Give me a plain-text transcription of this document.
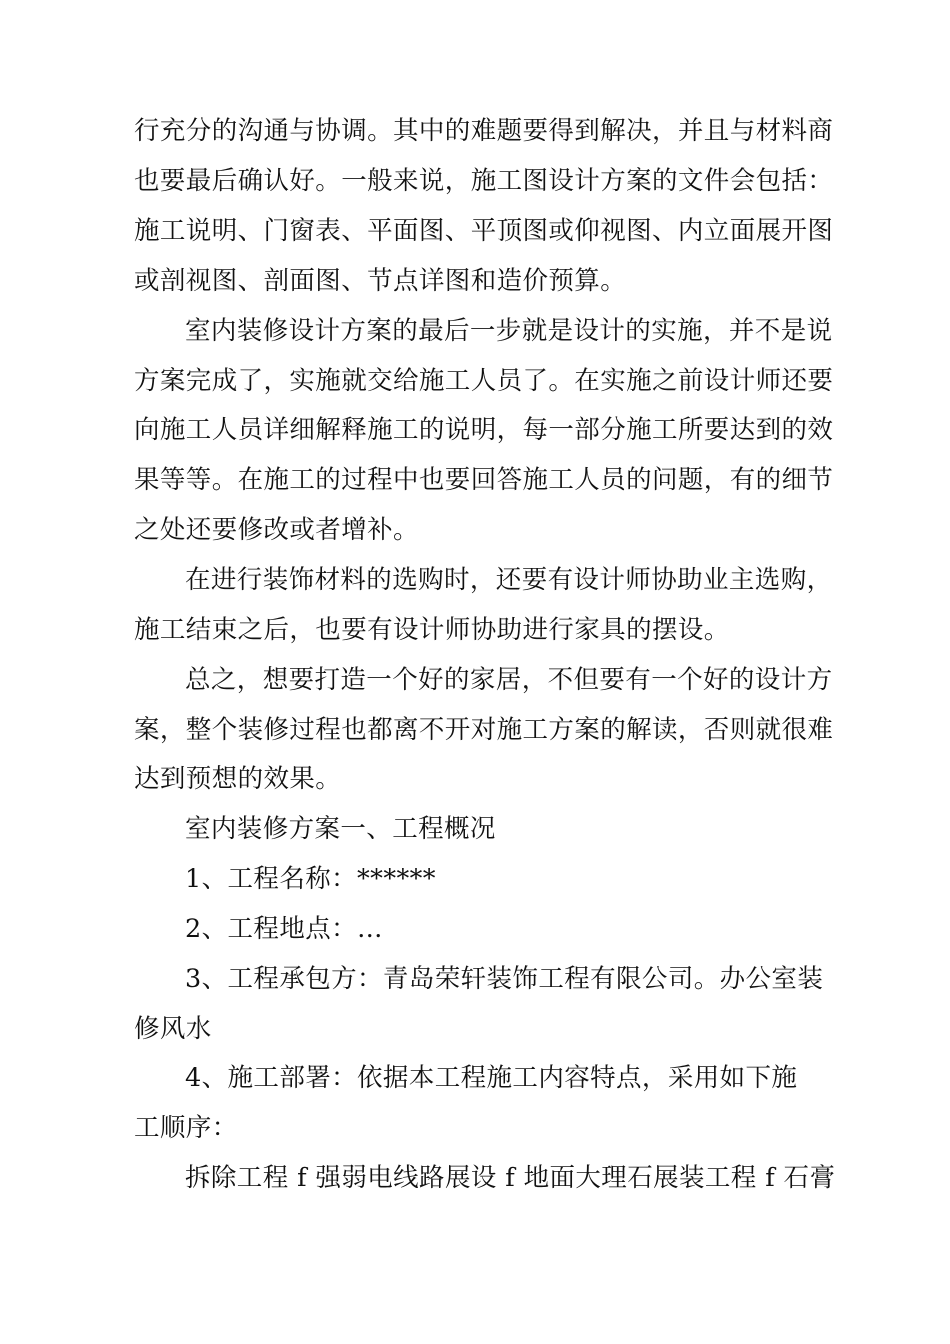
行充分的沟通与协调。其中的难题要得到解决，并且与材料商
也要最后确认好。一般来说，施工图设计方案的文件会包括：
施工说明、门窗表、平面图、平顶图或仰视图、内立面展开图
或剖视图、剖面图、节点详图和造价预算。
室内装修设计方案的最后一步就是设计的实施，并不是说
方案完成了，实施就交给施工人员了。在实施之前设计师还要
向施工人员详细解释施工的说明，每一部分施工所要达到的效
果等等。在施工的过程中也要回答施工人员的问题，有的细节
之处还要修改或者增补。
在进行装饰材料的选购时，还要有设计师协助业主选购，
施工结束之后，也要有设计师协助进行家具的摆设。
总之，想要打造一个好的家居，不但要有一个好的设计方
案，整个装修过程也都离不开对施工方案的解读，否则就很难
达到预想的效果。
室内装修方案一、工程概况
1、工程名称：******
2、工程地点：…
3、工程承包方：青岛荣轩装饰工程有限公司。办公室装
修风水
4、施工部署：依据本工程施工内容特点，采用如下施
工顺序：
拆除工程 f 强弱电线路展设 f 地面大理石展装工程 f 石膏
